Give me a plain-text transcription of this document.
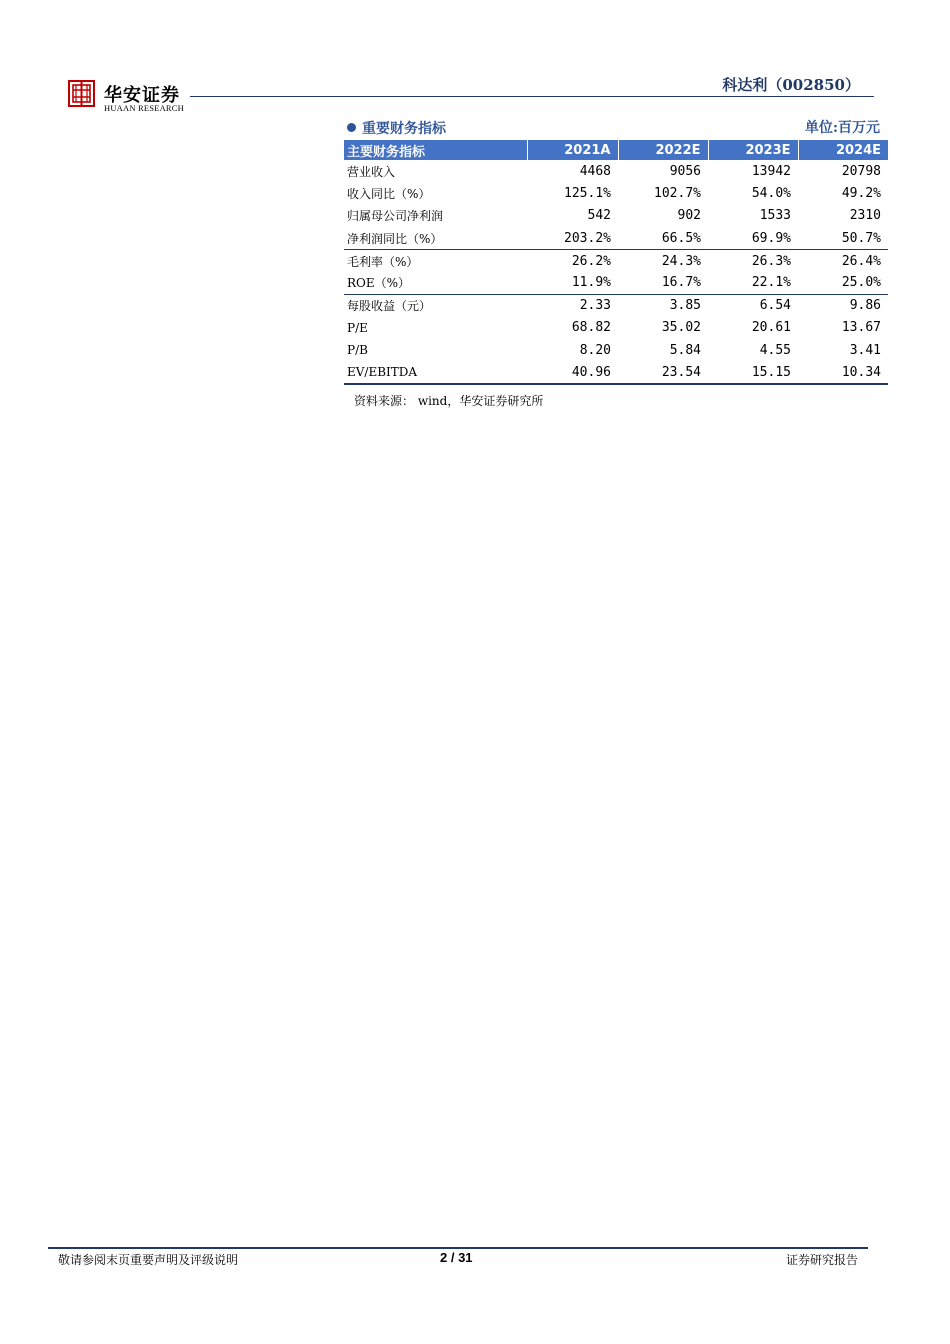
华安证券
HUAAN RESEARCH
科达利（002850）
重要财务指标	单位:百万元
主要财务指标	2021A	2022E	2023E	2024E
营业收入	4468	9056	13942	20798
收入同比（%）	125.1%	102.7%	54.0%	49.2%
归属母公司净利润	542	902	1533	2310
净利润同比（%）	203.2%	66.5%	69.9%	50.7%
毛利率（%）	26.2%	24.3%	26.3%	26.4%
ROE（%）	11.9%	16.7%	22.1%	25.0%
每股收益（元）	2.33	3.85	6.54	9.86
P/E	68.82	35.02	20.61	13.67
P/B	8.20	5.84	4.55	3.41
EV/EBITDA	40.96	23.54	15.15	10.34
资料来源： wind，华安证券研究所
敬请参阅末页重要声明及评级说明	2 / 31	证券研究报告
